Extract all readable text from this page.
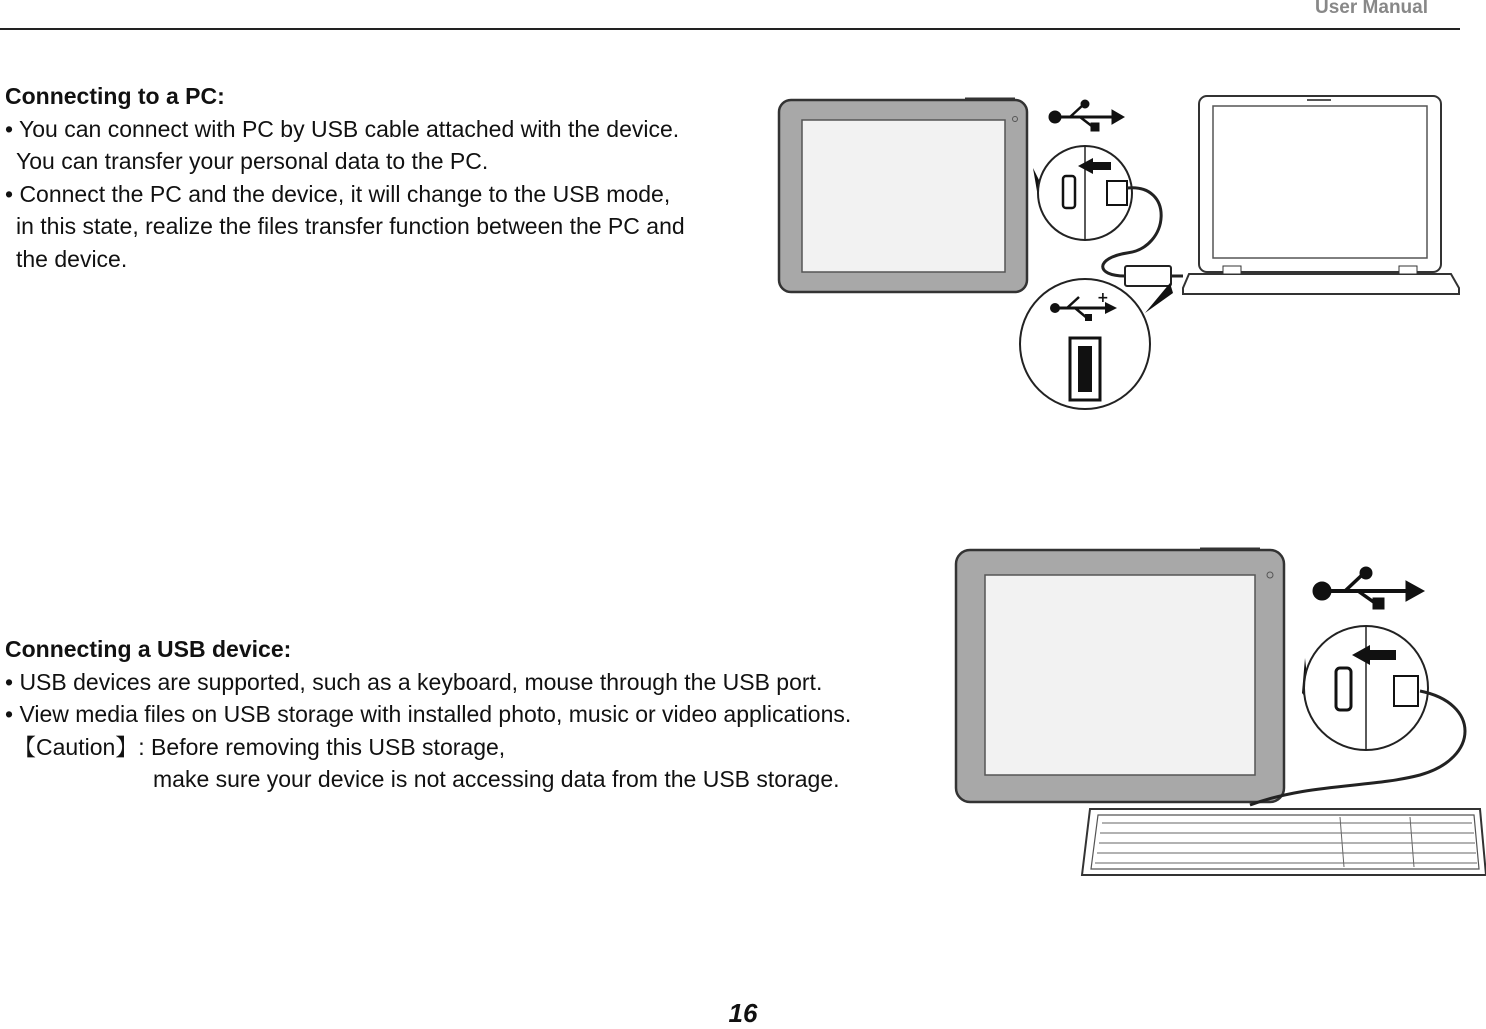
User Manual
Connecting to a PC:
• You can connect with PC by USB cable attached with the device.
You can transfer your personal data to the PC.
• Connect the PC and the device, it will change to the USB mode,
in this state, realize the files transfer function between the PC and
the device.
+
Connecting a USB device:
• USB devices are supported, such as a keyboard, mouse through the USB port.
• View media files on USB storage with installed photo, music or video applications.
【Caution】: Before removing this USB storage,
make sure your device is not accessing data from the USB storage.
16
